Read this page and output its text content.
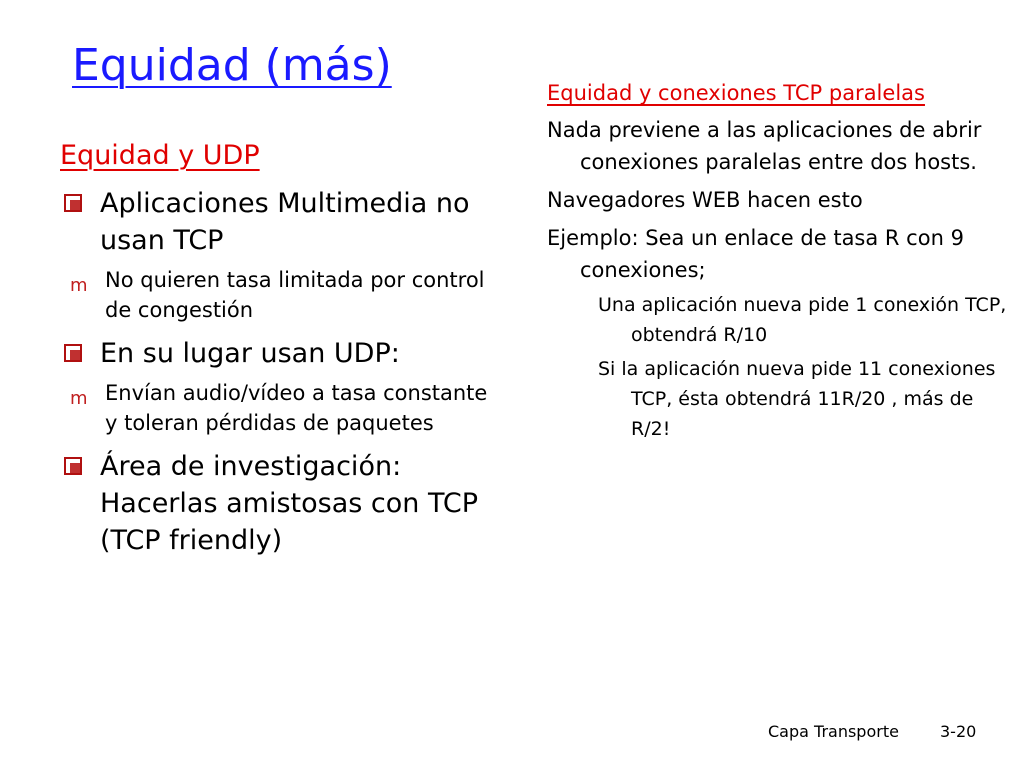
Equidad (más)
Equidad y UDP
Aplicaciones Multimedia no usan TCP
m No quieren tasa limitada por control de congestión
En su lugar usan UDP:
m Envían audio/vídeo a tasa constante y toleran pérdidas de paquetes
Área de investigación: Hacerlas amistosas con TCP (TCP friendly)
Equidad y conexiones TCP paralelas
Nada previene a las aplicaciones de abrir conexiones paralelas entre dos hosts.
Navegadores WEB hacen esto
Ejemplo: Sea un enlace de tasa R con 9 conexiones;
Una aplicación nueva pide 1 conexión TCP, obtendrá R/10
Si la aplicación nueva pide 11 conexiones TCP, ésta obtendrá 11R/20 , más de R/2!
Capa Transporte	3-20
